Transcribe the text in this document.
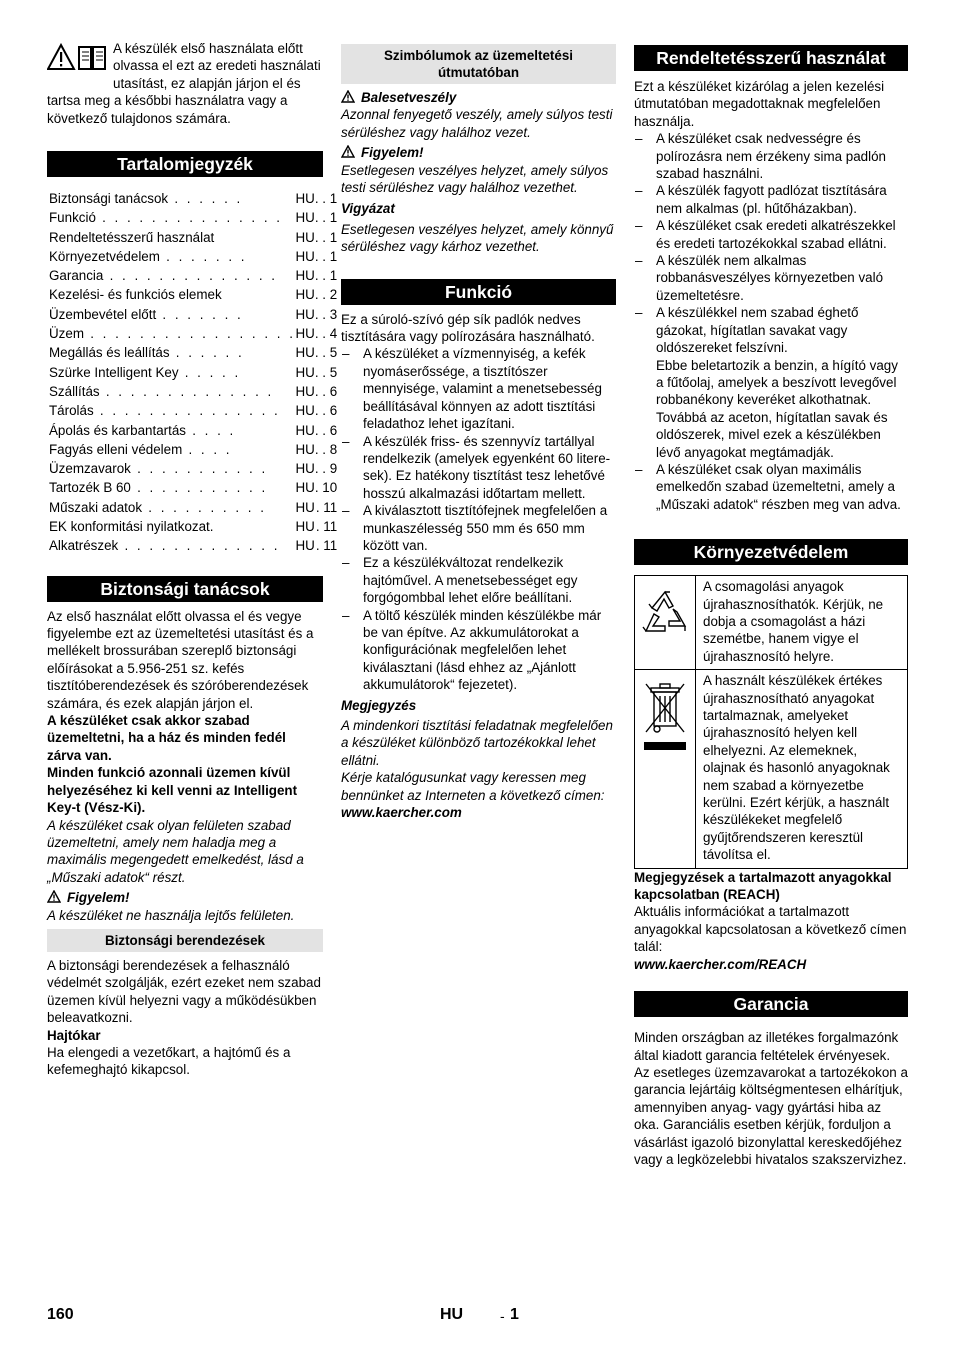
A készülék első használata előtt olvassa el ezt az eredeti használati utasítást, ez alapján járjon el és tartsa meg a későbbi használatra vagy a következő tulajdonos számára.

Tartalomjegyzék
Biztonsági tanácsok . . . . . .	HU	. . 1
Funkció . . . . . . . . . . . . . . .	HU	. . 1
Rendeltetésszerű használat	HU	. . 1
Környezetvédelem . . . . . . .	HU	. . 1
Garancia . . . . . . . . . . . . . .	HU	. . 1
Kezelési- és funkciós elemek	HU	. . 2
Üzembevétel előtt . . . . . . .	HU	. . 3
Üzem . . . . . . . . . . . . . . . . .	HU	. . 4
Megállás és leállítás . . . . . .	HU	. . 5
Szürke Intelligent Key . . . . .	HU	. . 5
Szállítás . . . . . . . . . . . . . .	HU	. . 6
Tárolás . . . . . . . . . . . . . . .	HU	. . 6
Ápolás és karbantartás . . . .	HU	. . 6
Fagyás elleni védelem . . . .	HU	. . 8
Üzemzavarok . . . . . . . . . . .	HU	. . 9
Tartozék B 60 . . . . . . . . . . .	HU	. 10
Műszaki adatok . . . . . . . . . .	HU	. 11
EK konformitási nyilatkozat.	HU	. 11
Alkatrészek . . . . . . . . . . . . .	HU	. 11
Biztonsági tanácsok

Az első használat előtt olvassa el és vegye figyelembe ezt az üzemeltetési utasítást és a mellékelt brossurában szereplő biztonsági előírásokat a 5.956-251 sz. kefés tisztítóberendezések és szóróberendezések számára, és ezek alapján járjon el.

A készüléket csak akkor szabad üzemeltetni, ha a ház és minden fedél zárva van.

Minden funkció azonnali üzemen kívül helyezéséhez ki kell venni az Intelligent Key-t (Vész-Ki).

A készüléket csak olyan felületen szabad üzemeltetni, amely nem haladja meg a maximális megengedett emelkedést, lásd a „Műszaki adatok“ részt.

Figyelem!

A készüléket ne használja lejtős felületen.

Biztonsági berendezések

A biztonsági berendezések a felhasználó védelmét szolgálják, ezért ezeket nem szabad üzemen kívül helyezni vagy a működésükben beleavatkozni.

Hajtókar

Ha elengedi a vezetőkart, a hajtómű és a kefemeghajtó kikapcsol.

Szimbólumok az üzemeltetési útmutatóban

Balesetveszély

Azonnal fenyegető veszély, amely súlyos testi sérüléshez vagy halálhoz vezet.

Figyelem!

Esetlegesen veszélyes helyzet, amely súlyos testi sérüléshez vagy halálhoz vezethet.

Vigyázat

Esetlegesen veszélyes helyzet, amely könnyű sérüléshez vagy kárhoz vezethet.

Funkció

Ez a súroló-szívó gép sík padlók nedves tisztítására vagy polírozására használható.

– A készüléket a vízmennyiség, a kefék nyomáserőssége, a tisztítószer mennyisége, valamint a menetsebesség beállításával könnyen az adott tisztítási feladathoz lehet igazítani.
– A készülék friss- és szennyvíz tartállyal rendelkezik (amelyek egyenként 60 literesek). Ez hatékony tisztítást tesz lehetővé hosszú alkalmazási időtartam mellett.
– A kiválasztott tisztítófejnek megfelelően a munkaszélesség 550 mm és 650 mm között van.
– Ez a készülékváltozat rendelkezik hajtóművel. A menetsebességet egy forgógombbal lehet előre beállítani.
– A töltő készülék minden készülékbe már be van építve. Az akkumulátorokat a konfigurációnak megfelelően lehet kiválasztani (lásd ehhez az „Ajánlott akkumulátorok“ fejezetet).

Megjegyzés

A mindenkori tisztítási feladatnak megfelelően a készüléket különböző tartozékokkal lehet ellátni.

Kérje katalógusunkat vagy keressen meg bennünket az Interneten a következő címen:

www.kaercher.com

Rendeltetésszerű használat

Ezt a készüléket kizárólag a jelen kezelési útmutatóban megadottaknak megfelelően használja.

– A készüléket csak nedvességre és polírozásra nem érzékeny sima padlón szabad használni.
– A készülék fagyott padlózat tisztítására nem alkalmas (pl. hűtőházakban).
– A készüléket csak eredeti alkatrészekkel és eredeti tartozékokkal szabad ellátni.
– A készülék nem alkalmas robbanásveszélyes környezetben való üzemeltetésre.
– A készülékkel nem szabad éghető gázokat, hígítatlan savakat vagy oldószereket felszívni.

Ebbe beletartozik a benzin, a hígító vagy a fűtőolaj, amelyek a beszívott levegővel robbanékony keveréket alkothatnak. Továbbá az aceton, hígítatlan savak és oldószerek, mivel ezek a készülékben lévő anyagokat megtámadják.

– A készüléket csak olyan maximális emelkedőn szabad üzemeltetni, amely a „Műszaki adatok“ részben meg van adva.
Környezetvédelem
	A csomagolási anyagok újrahasznosíthatók. Kérjük, ne dobja a csomagolást a házi szemétbe, hanem vigye el újrahasznosító helyre.
	A használt készülékek értékes újrahasznosítható anyagokat tartalmaznak, amelyeket újrahasznosító helyen kell elhelyezni. Az elemeknek, olajnak és hasonló anyagoknak nem szabad a környezetbe kerülni. Ezért kérjük, a használt készülékeket megfelelő gyűjtőrendszeren keresztül távolítsa el.

Megjegyzések a tartalmazott anyagokkal kapcsolatban (REACH)

Aktuális információkat a tartalmazott anyagokkal kapcsolatosan a következő címen talál:

www.kaercher.com/REACH

Garancia

Minden országban az illetékes forgalmazónk által kiadott garancia feltételek érvényesek. Az esetleges üzemzavarokat a tartozékokon a garancia lejártáig költségmentesen elhárítjuk, amennyiben anyag- vagy gyártási hiba az oka. Garanciális esetben kérjük, forduljon a vásárlást igazoló bizonylattal kereskedőjéhez vagy a legközelebbi hivatalos szakszervizhez.

160	HU	- 1
